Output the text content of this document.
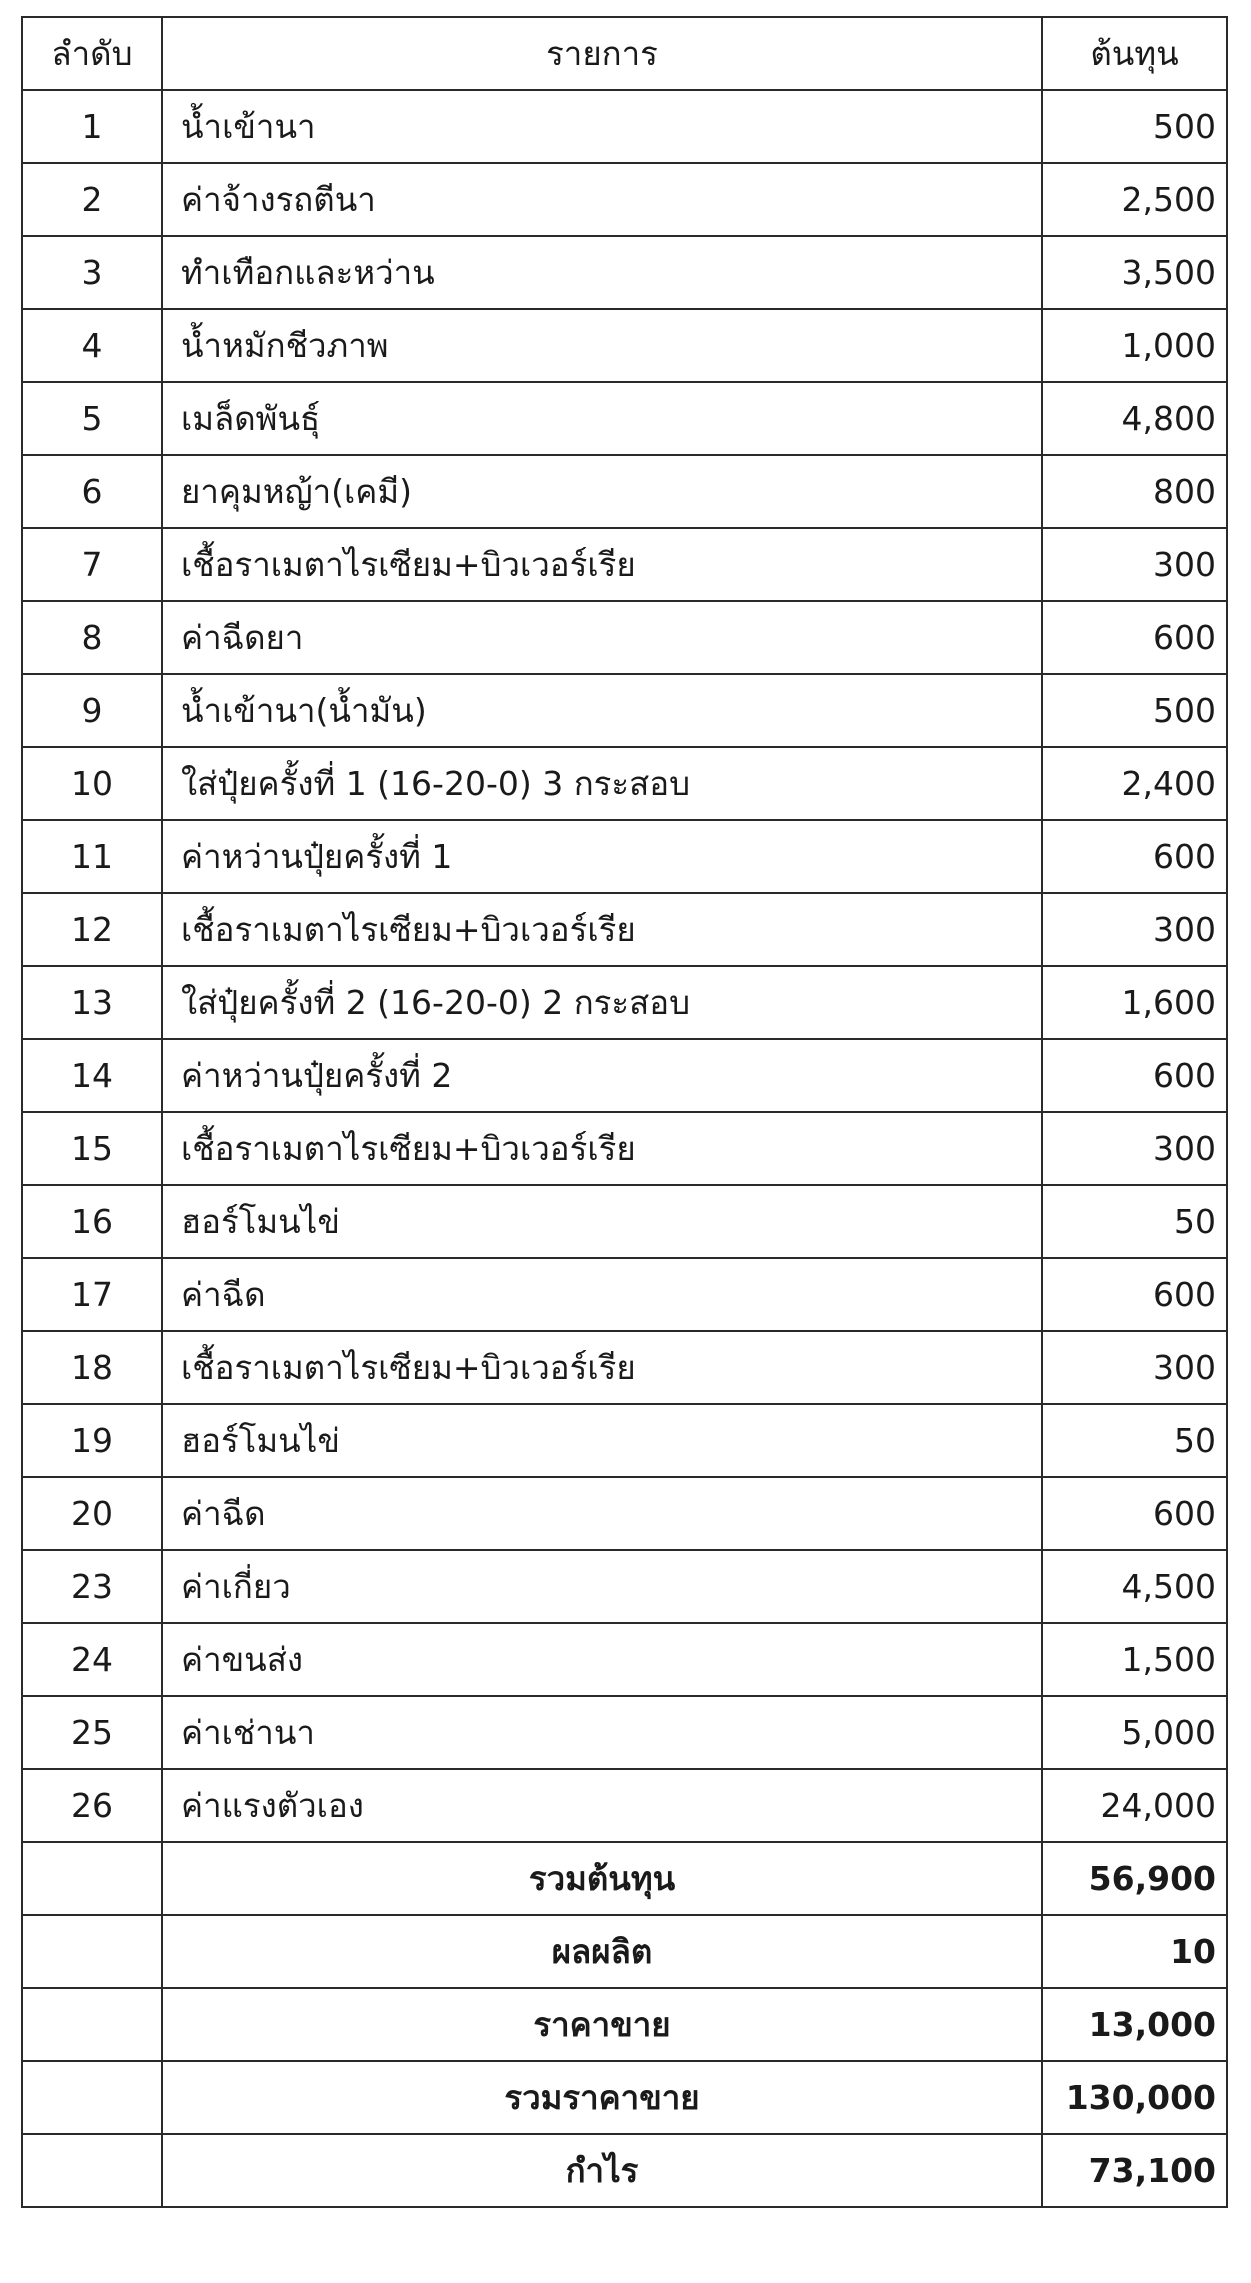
ลำดับ	รายการ	ต้นทุน
1	น้ำเข้านา	500
2	ค่าจ้างรถตีนา	2,500
3	ทำเทือกและหว่าน	3,500
4	น้ำหมักชีวภาพ	1,000
5	เมล็ดพันธุ์	4,800
6	ยาคุมหญ้า(เคมี)	800
7	เชื้อราเมตาไรเซียม+บิวเวอร์เรีย	300
8	ค่าฉีดยา	600
9	น้ำเข้านา(น้ำมัน)	500
10	ใส่ปุ๋ยครั้งที่ 1 (16-20-0) 3 กระสอบ	2,400
11	ค่าหว่านปุ๋ยครั้งที่ 1	600
12	เชื้อราเมตาไรเซียม+บิวเวอร์เรีย	300
13	ใส่ปุ๋ยครั้งที่ 2 (16-20-0) 2 กระสอบ	1,600
14	ค่าหว่านปุ๋ยครั้งที่ 2	600
15	เชื้อราเมตาไรเซียม+บิวเวอร์เรีย	300
16	ฮอร์โมนไข่	50
17	ค่าฉีด	600
18	เชื้อราเมตาไรเซียม+บิวเวอร์เรีย	300
19	ฮอร์โมนไข่	50
20	ค่าฉีด	600
23	ค่าเกี่ยว	4,500
24	ค่าขนส่ง	1,500
25	ค่าเช่านา	5,000
26	ค่าแรงตัวเอง	24,000
	รวมต้นทุน	56,900
	ผลผลิต	10
	ราคาขาย	13,000
	รวมราคาขาย	130,000
	กำไร	73,100
